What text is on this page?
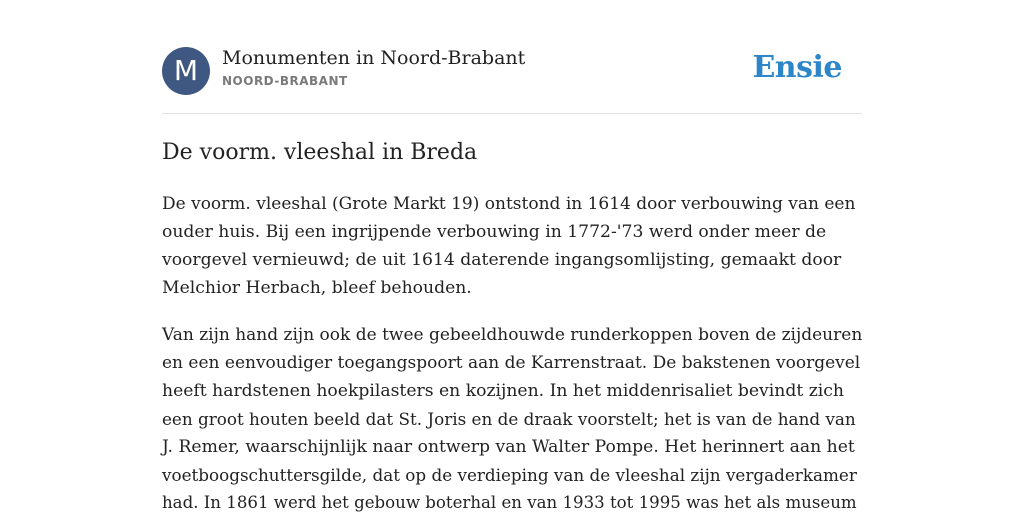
M	Monumenten in Noord-Brabant
NOORD-BRABANT	Ensie
De voorm. vleeshal in Breda

De voorm. vleeshal (Grote Markt 19) ontstond in 1614 door verbouwing van een
ouder huis. Bij een ingrijpende verbouwing in 1772-'73 werd onder meer de
voorgevel vernieuwd; de uit 1614 daterende ingangsomlijsting, gemaakt door
Melchior Herbach, bleef behouden.

Van zijn hand zijn ook de twee gebeeldhouwde runderkoppen boven de zijdeuren
en een eenvoudiger toegangspoort aan de Karrenstraat. De bakstenen voorgevel
heeft hardstenen hoekpilasters en kozijnen. In het middenrisaliet bevindt zich
een groot houten beeld dat St. Joris en de draak voorstelt; het is van de hand van
J. Remer, waarschijnlijk naar ontwerp van Walter Pompe. Het herinnert aan het
voetboogschuttersgilde, dat op de verdieping van de vleeshal zijn vergaderkamer
had. In 1861 werd het gebouw boterhal en van 1933 tot 1995 was het als museum
